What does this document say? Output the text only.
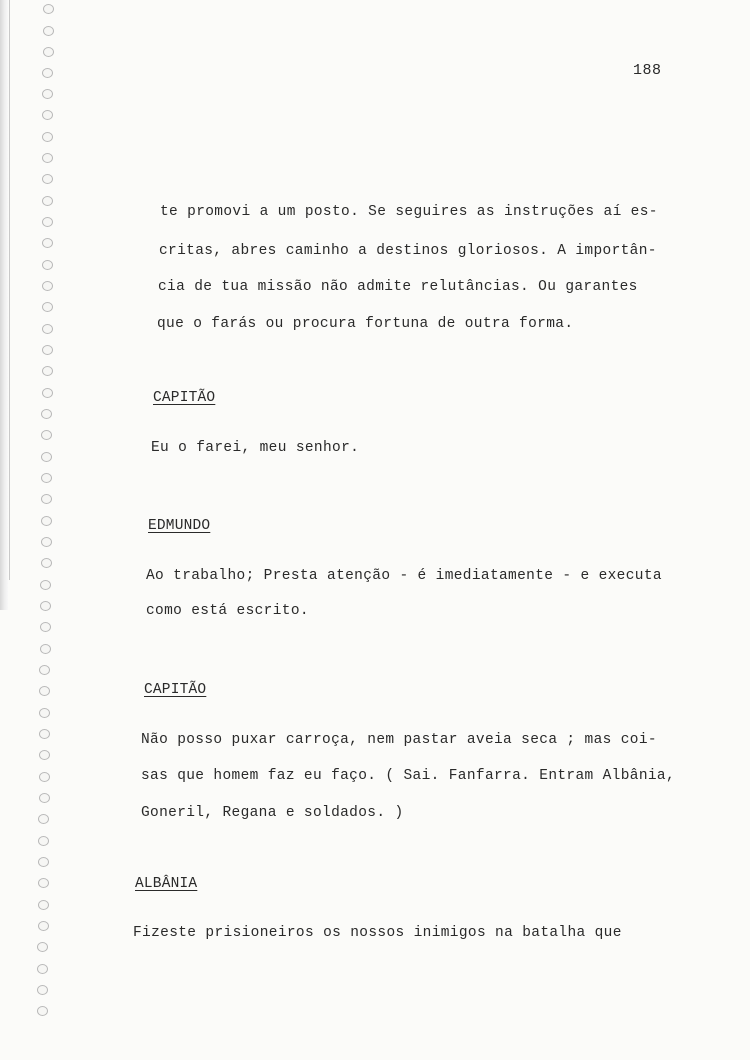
188
te promovi a um posto. Se seguires as instruções aí es-
critas, abres caminho a destinos gloriosos. A importân-
cia de tua missão não admite relutâncias. Ou garantes
que o farás ou procura fortuna de outra forma.
CAPITÃO
Eu o farei, meu senhor.
EDMUNDO
Ao trabalho; Presta atenção - é imediatamente - e executa
como está escrito.
CAPITÃO
Não posso puxar carroça, nem pastar aveia seca ; mas coi-
sas que homem faz eu faço. ( Sai. Fanfarra. Entram Albânia,
Goneril, Regana e soldados. )
ALBÂNIA
Fizeste prisioneiros os nossos inimigos na batalha que
